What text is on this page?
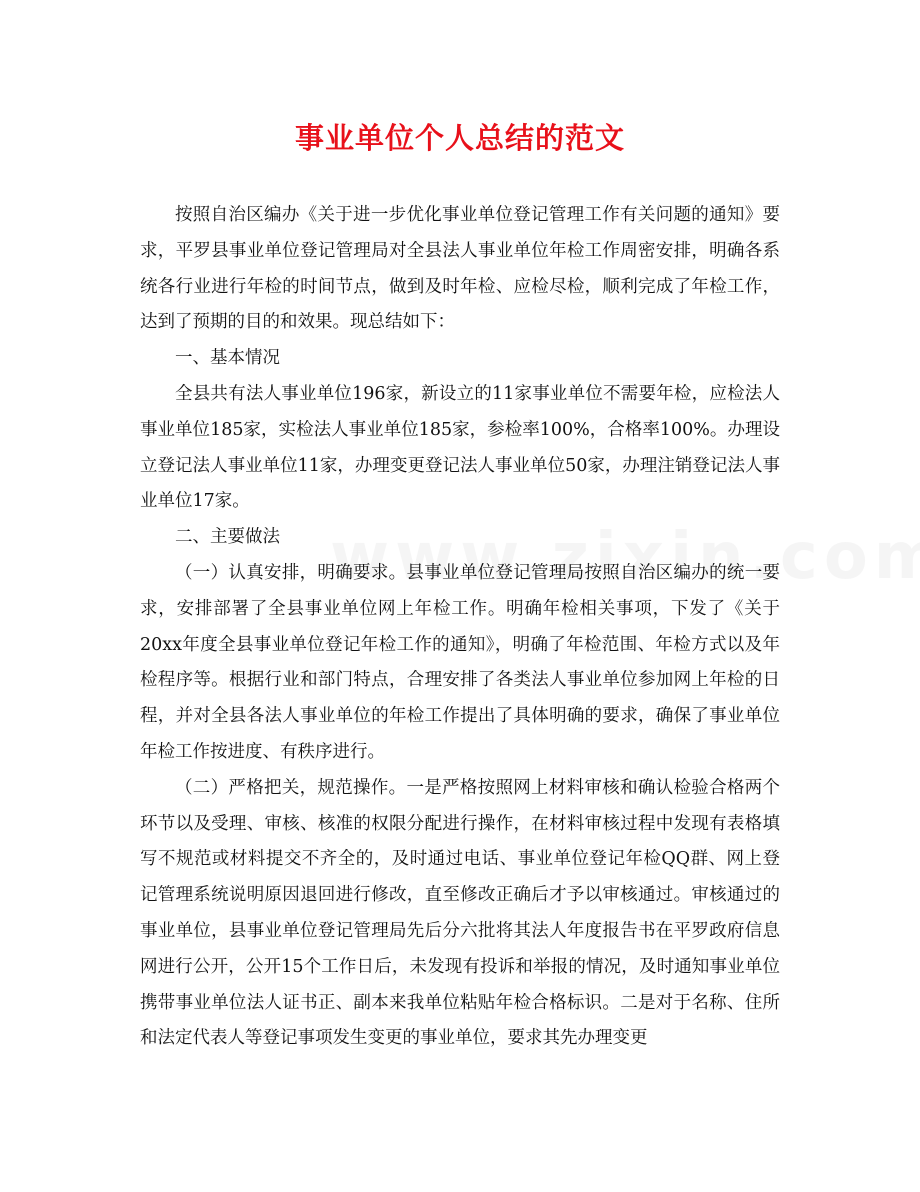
事业单位个人总结的范文

按照自治区编办《关于进一步优化事业单位登记管理工作有关问题的通知》要求，平罗县事业单位登记管理局对全县法人事业单位年检工作周密安排，明确各系统各行业进行年检的时间节点，做到及时年检、应检尽检，顺利完成了年检工作，达到了预期的目的和效果。现总结如下：

一、基本情况

全县共有法人事业单位196家，新设立的11家事业单位不需要年检，应检法人事业单位185家，实检法人事业单位185家，参检率100%，合格率100%。办理设立登记法人事业单位11家，办理变更登记法人事业单位50家，办理注销登记法人事业单位17家。

二、主要做法

（一）认真安排，明确要求。县事业单位登记管理局按照自治区编办的统一要求，安排部署了全县事业单位网上年检工作。明确年检相关事项，下发了《关于20xx年度全县事业单位登记年检工作的通知》，明确了年检范围、年检方式以及年检程序等。根据行业和部门特点，合理安排了各类法人事业单位参加网上年检的日程，并对全县各法人事业单位的年检工作提出了具体明确的要求，确保了事业单位年检工作按进度、有秩序进行。

（二）严格把关，规范操作。一是严格按照网上材料审核和确认检验合格两个环节以及受理、审核、核准的权限分配进行操作，在材料审核过程中发现有表格填写不规范或材料提交不齐全的，及时通过电话、事业单位登记年检QQ群、网上登记管理系统说明原因退回进行修改，直至修改正确后才予以审核通过。审核通过的事业单位，县事业单位登记管理局先后分六批将其法人年度报告书在平罗政府信息网进行公开，公开15个工作日后，未发现有投诉和举报的情况，及时通知事业单位携带事业单位法人证书正、副本来我单位粘贴年检合格标识。二是对于名称、住所和法定代表人等登记事项发生变更的事业单位，要求其先办理变更
